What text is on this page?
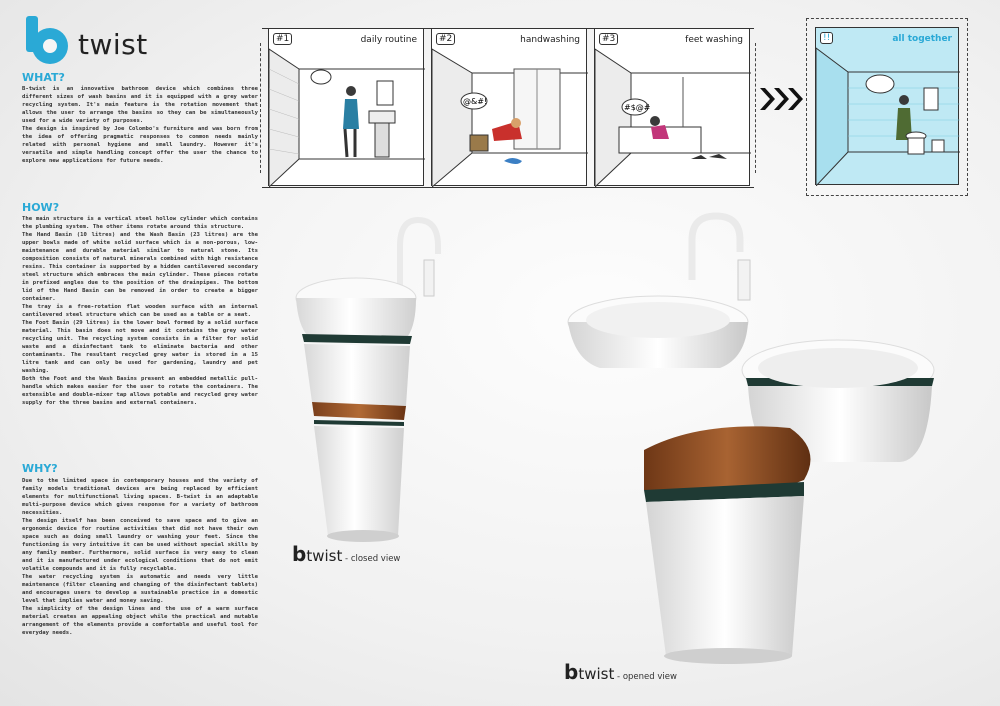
twist
WHAT?

B-twist is an innovative bathroom device which combines three different sizes of wash basins and it is equipped with a grey water recycling system. It's main feature is the rotation movement that allows the user to arrange the basins so they can be simultaneously used for a wide variety of purposes.

The design is inspired by Joe Colombo's furniture and was born from the idea of offering pragmatic responses to common needs mainly related with personal hygiene and small laundry. However it's versatile and simple handling concept offer the user the chance to explore new applications for future needs.

HOW?

The main structure is a vertical steel hollow cylinder which contains the plumbing system. The other items rotate around this structure.

The Hand Basin (10 litres) and the Wash Basin (23 litres) are the upper bowls made of white solid surface which is a non-porous, low-maintenance and durable material similar to natural stone. Its composition consists of natural minerals combined with high resistance resins. This container is supported by a hidden cantilevered secondary steel structure which embraces the main cylinder. These pieces rotate in prefixed angles due to the position of the drainpipes. The bottom lid of the Hand Basin can be removed in order to create a bigger container.

The tray is a free-rotation flat wooden surface with an internal cantilevered steel structure which can be used as a table or a seat.

The Foot Basin (29 litres) is the lower bowl formed by a solid surface material. This basin does not move and it contains the grey water recycling unit. The recycling system consists in a filter for solid waste and a disinfectant tank to eliminate bacteria and other contaminants. The resultant recycled grey water is stored in a 15 litre tank and can only be used for gardening, laundry and pet washing.

Both the Foot and the Wash Basins present an embedded metallic pull-handle which makes easier for the user to rotate the containers. The extensible and double-mixer tap allows potable and recycled grey water supply for the three basins and external containers.

WHY?

Due to the limited space in contemporary houses and the variety of family models traditional devices are being replaced by efficient elements for multifunctional living spaces. B-twist is an adaptable multi-purpose device which gives response for a variety of bathroom necessities.

The design itself has been conceived to save space and to give an ergonomic device for routine activities that did not have their own space such as doing small laundry or washing your feet. Since the functioning is very intuitive it can be used without special skills by any family member. Furthermore, solid surface is very easy to clean and it is manufactured under ecological conditions that do not emit volatile compounds and it is fully recyclable.

The water recycling system is automatic and needs very little maintenance (filter cleaning and changing of the disinfectant tablets) and encourages users to develop a sustainable practice in a domestic level that implies water and money saving.

The simplicity of the design lines and the use of a warm surface material creates an appealing object while the practical and mutable arrangement of the elements provide a comfortable and useful tool for everyday needs.

#1	daily routine
@&#!
#2	handwashing
#$@#
#3	feet washing	!!	all together
btwist - closed view
btwist - opened view
